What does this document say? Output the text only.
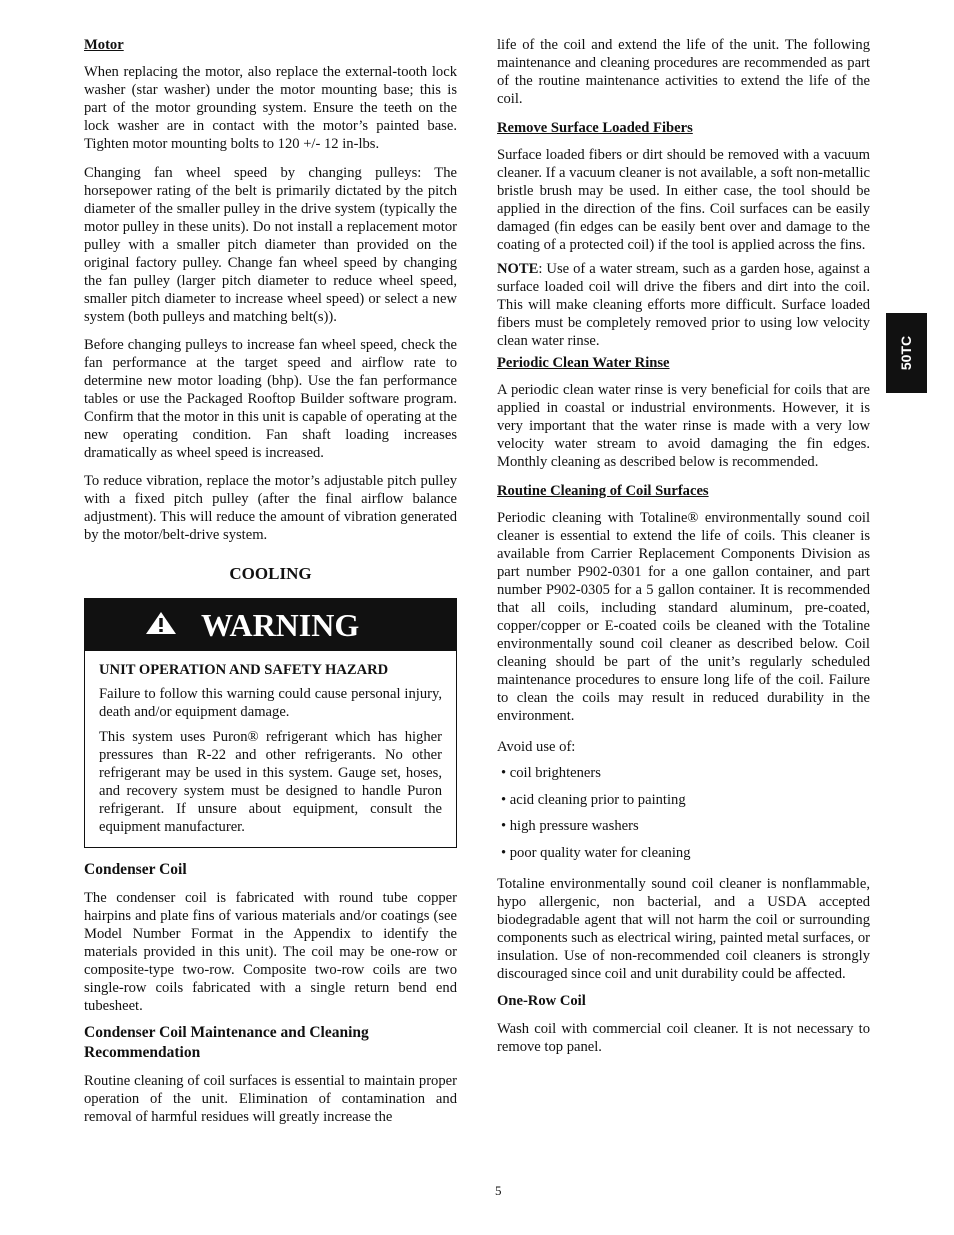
Motor

When replacing the motor, also replace the external-tooth lock washer (star washer) under the motor mounting base; this is part of the motor grounding system. Ensure the teeth on the lock washer are in contact with the motor’s painted base. Tighten motor mounting bolts to 120 +/- 12 in-lbs.

Changing fan wheel speed by changing pulleys: The horsepower rating of the belt is primarily dictated by the pitch diameter of the smaller pulley in the drive system (typically the motor pulley in these units). Do not install a replacement motor pulley with a smaller pitch diameter than provided on the original factory pulley. Change fan wheel speed by changing the fan pulley (larger pitch diameter to reduce wheel speed, smaller pitch diameter to increase wheel speed) or select a new system (both pulleys and matching belt(s)).

Before changing pulleys to increase fan wheel speed, check the fan performance at the target speed and airflow rate to determine new motor loading (bhp). Use the fan performance tables or use the Packaged Rooftop Builder software program. Confirm that the motor in this unit is capable of operating at the new operating condition. Fan shaft loading increases dramatically as wheel speed is increased.

To reduce vibration, replace the motor’s adjustable pitch pulley with a fixed pitch pulley (after the final airflow balance adjustment). This will reduce the amount of vibration generated by the motor/belt-drive system.

COOLING
WARNING
UNIT OPERATION AND SAFETY HAZARD

Failure to follow this warning could cause personal injury, death and/or equipment damage.

This system uses Puron® refrigerant which has higher pressures than R-22 and other refrigerants. No other refrigerant may be used in this system. Gauge set, hoses, and recovery system must be designed to handle Puron refrigerant. If unsure about equipment, consult the equipment manufacturer.

Condenser Coil

The condenser coil is fabricated with round tube copper hairpins and plate fins of various materials and/or coatings (see Model Number Format in the Appendix to identify the materials provided in this unit). The coil may be one-row or composite-type two-row. Composite two-row coils are two single-row coils fabricated with a single return bend end tubesheet.

Condenser Coil Maintenance and Cleaning Recommendation

Routine cleaning of coil surfaces is essential to maintain proper operation of the unit. Elimination of contamination and removal of harmful residues will greatly increase the

life of the coil and extend the life of the unit. The following maintenance and cleaning procedures are recommended as part of the routine maintenance activities to extend the life of the coil.

Remove Surface Loaded Fibers

Surface loaded fibers or dirt should be removed with a vacuum cleaner. If a vacuum cleaner is not available, a soft non-metallic bristle brush may be used. In either case, the tool should be applied in the direction of the fins. Coil surfaces can be easily damaged (fin edges can be easily bent over and damage to the coating of a protected coil) if the tool is applied across the fins.

NOTE: Use of a water stream, such as a garden hose, against a surface loaded coil will drive the fibers and dirt into the coil. This will make cleaning efforts more difficult. Surface loaded fibers must be completely removed prior to using low velocity clean water rinse.

Periodic Clean Water Rinse

A periodic clean water rinse is very beneficial for coils that are applied in coastal or industrial environments. However, it is very important that the water rinse is made with a very low velocity water stream to avoid damaging the fin edges. Monthly cleaning as described below is recommended.

Routine Cleaning of Coil Surfaces

Periodic cleaning with Totaline® environmentally sound coil cleaner is essential to extend the life of coils. This cleaner is available from Carrier Replacement Components Division as part number P902-0301 for a one gallon container, and part number P902-0305 for a 5 gallon container. It is recommended that all coils, including standard aluminum, pre-coated, copper/copper or E-coated coils be cleaned with the Totaline environmentally sound coil cleaner as described below. Coil cleaning should be part of the unit’s regularly scheduled maintenance procedures to ensure long life of the coil. Failure to clean the coils may result in reduced durability in the environment.

Avoid use of:

• coil brighteners
• acid cleaning prior to painting
• high pressure washers
• poor quality water for cleaning

Totaline environmentally sound coil cleaner is nonflammable, hypo allergenic, non bacterial, and a USDA accepted biodegradable agent that will not harm the coil or surrounding components such as electrical wiring, painted metal surfaces, or insulation. Use of non-recommended coil cleaners is strongly discouraged since coil and unit durability could be affected.

One-Row Coil

Wash coil with commercial coil cleaner. It is not necessary to remove top panel.

50TC
5
